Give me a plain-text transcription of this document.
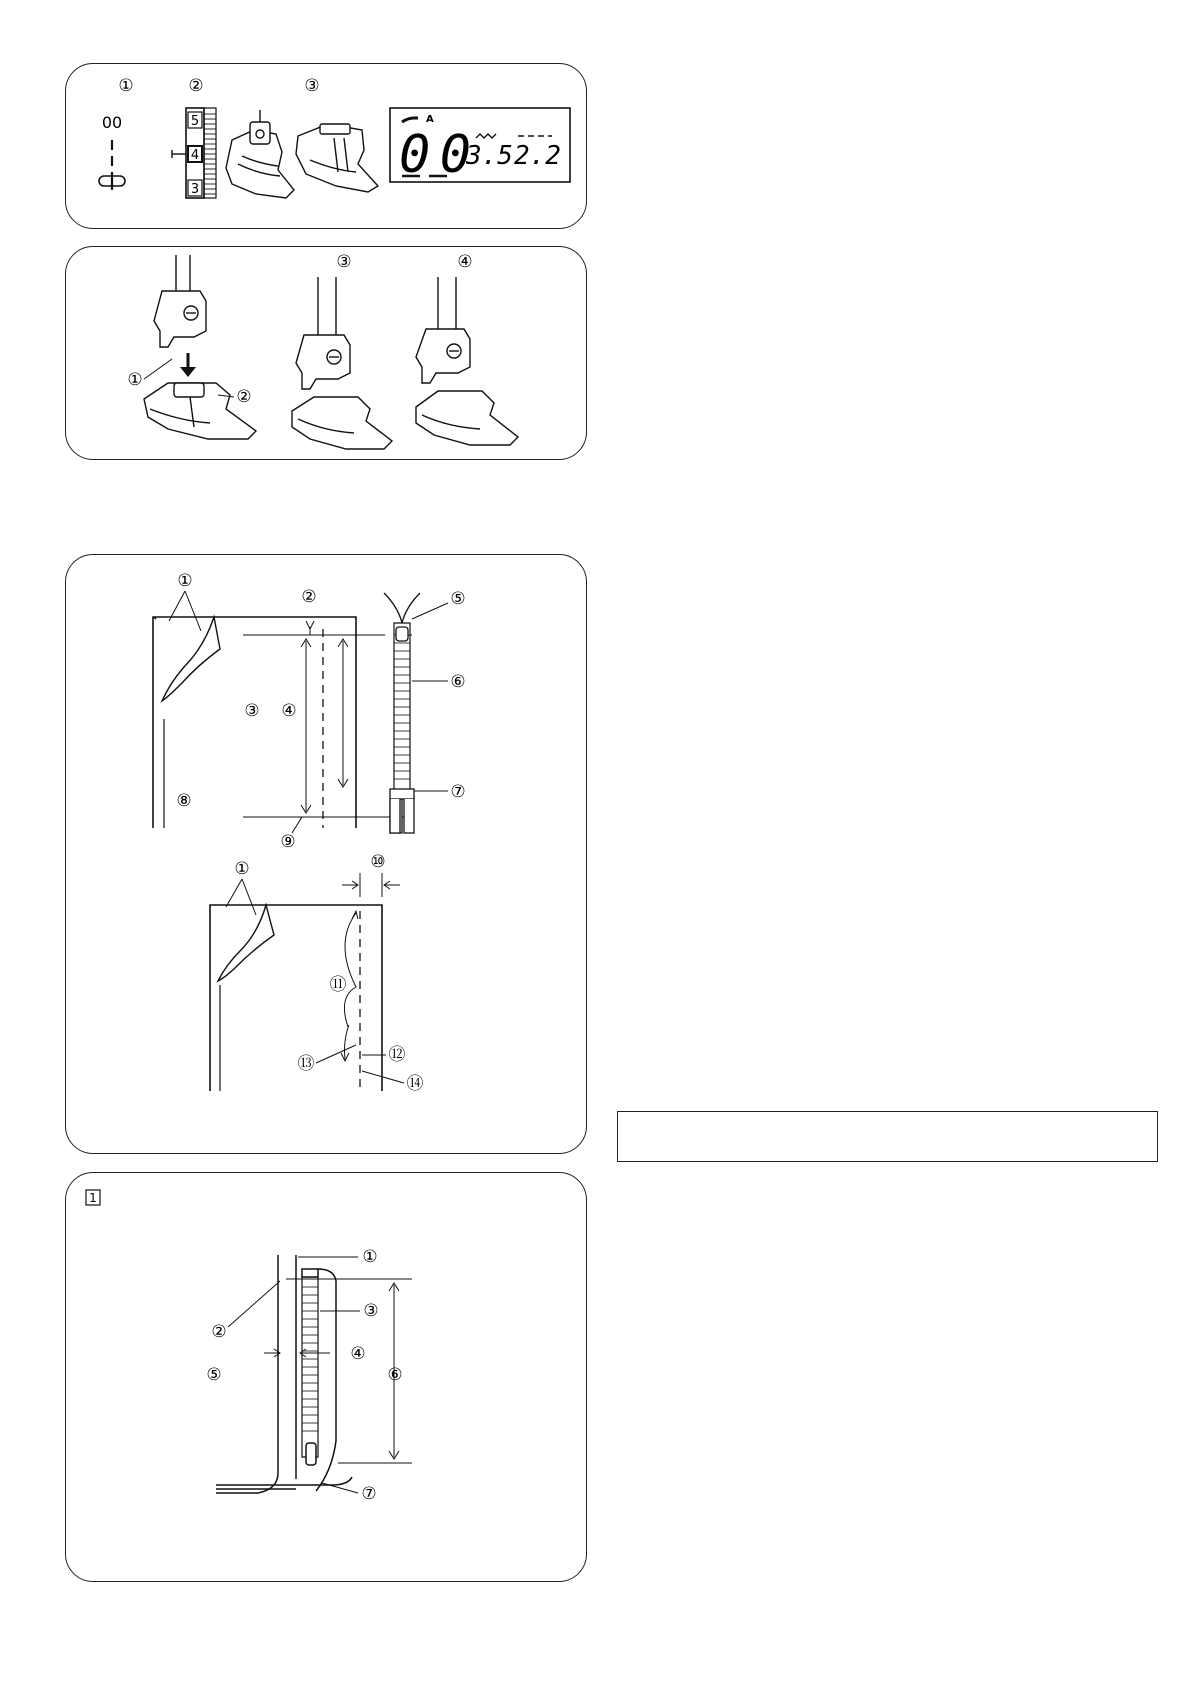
①	②	③
00	5
4
3
A
00
3.5 2.2
①
②
③	④
①
②
③ ④
⑤
⑥
⑦
⑧
⑨
⑩
①
⑪
⑫
⑬
⑭
1
①
②
③
④
⑤	⑥
⑦
